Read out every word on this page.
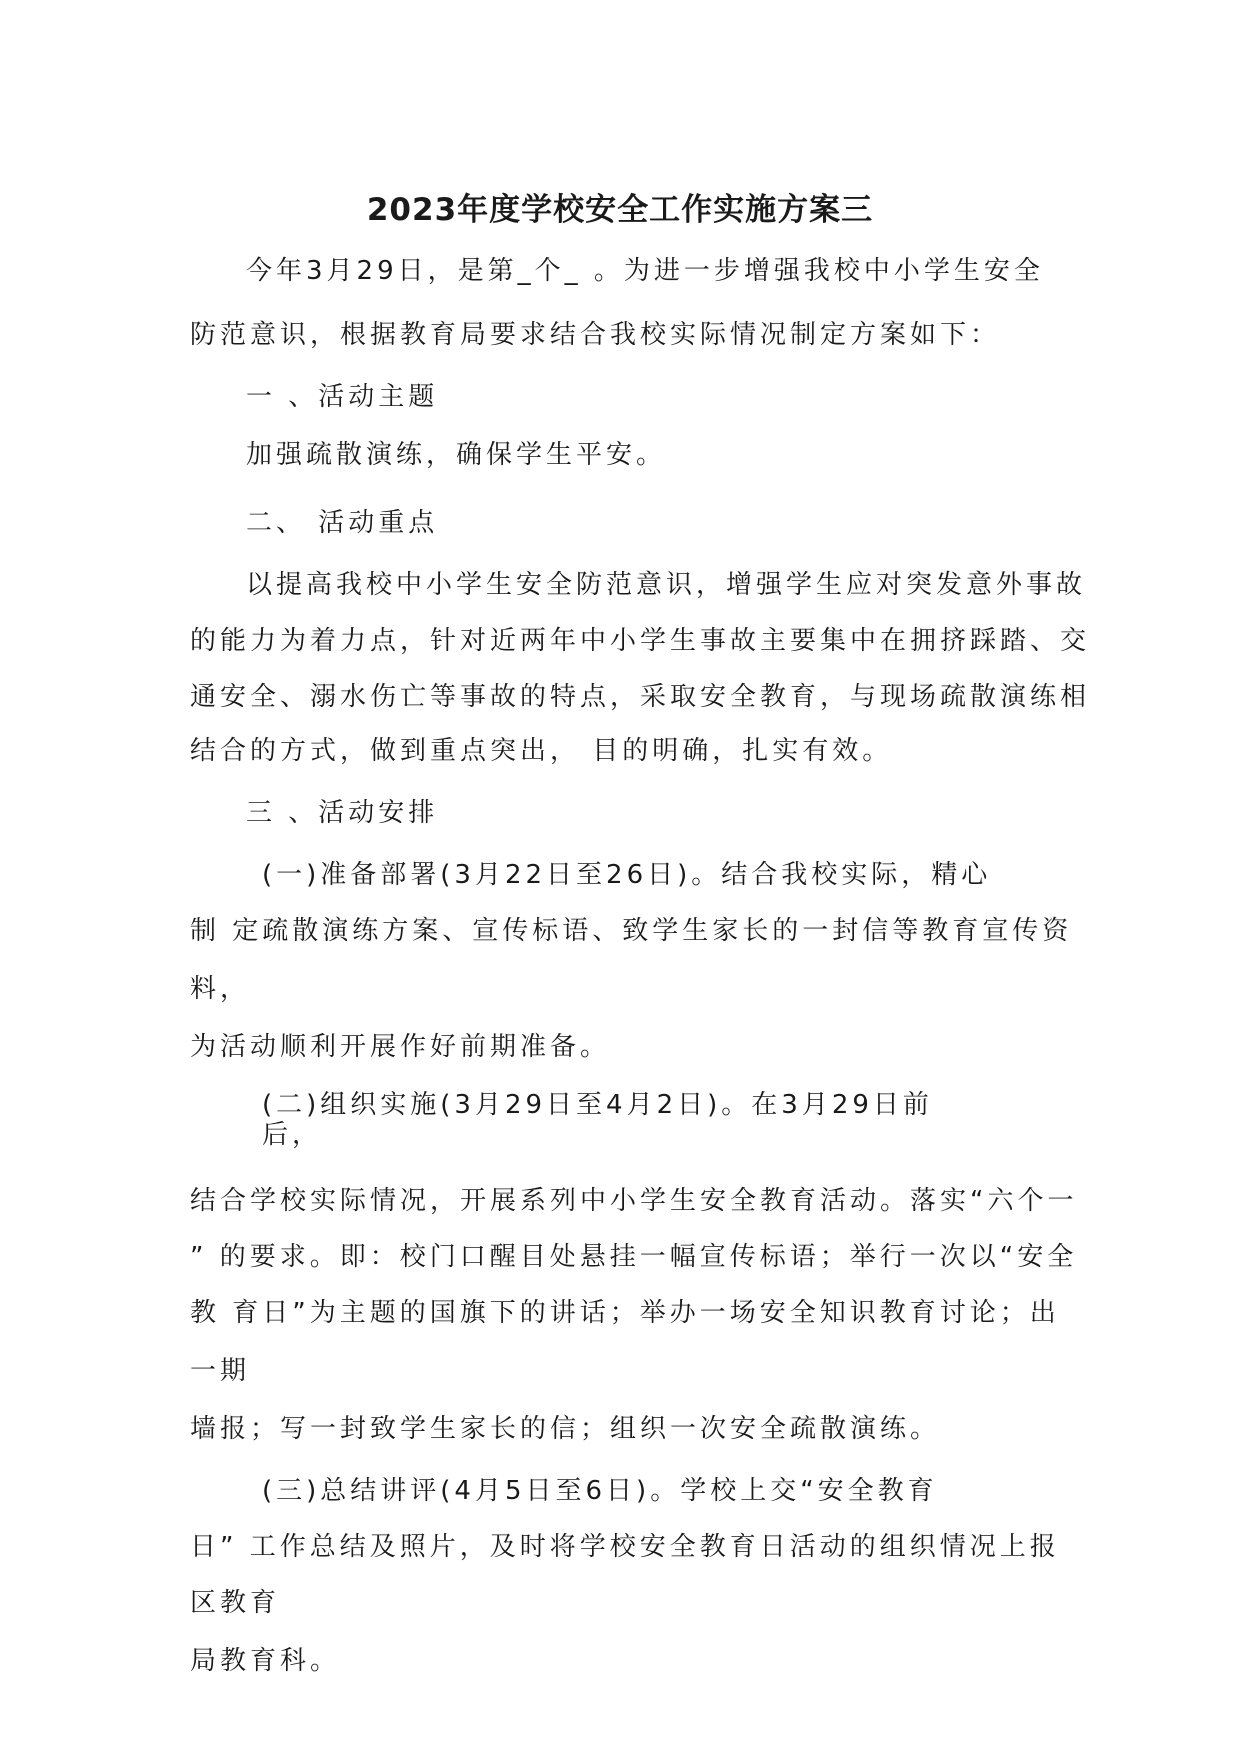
2023年度学校安全工作实施方案三
今年3月29日，是第_个_ 。为进一步增强我校中小学生安全
防范意识，根据教育局要求结合我校实际情况制定方案如下：
一 、活动主题
加强疏散演练，确保学生平安。
二、 活动重点
以提高我校中小学生安全防范意识，增强学生应对突发意外事故
的能力为着力点，针对近两年中小学生事故主要集中在拥挤踩踏、交
通安全、溺水伤亡等事故的特点，采取安全教育，与现场疏散演练相
结合的方式，做到重点突出， 目的明确，扎实有效。
三 、活动安排
(一)准备部署(3月22日至26日)。结合我校实际，精心
制 定疏散演练方案、宣传标语、致学生家长的一封信等教育宣传资
料，
为活动顺利开展作好前期准备。
(二)组织实施(3月29日至4月2日)。在3月29日前
后，
结合学校实际情况，开展系列中小学生安全教育活动。落实“六个一
” 的要求。即：校门口醒目处悬挂一幅宣传标语；举行一次以“安全
教 育日”为主题的国旗下的讲话；举办一场安全知识教育讨论；出
一期
墙报；写一封致学生家长的信；组织一次安全疏散演练。
(三)总结讲评(4月5日至6日)。学校上交“安全教育
日” 工作总结及照片，及时将学校安全教育日活动的组织情况上报
区教育
局教育科。
